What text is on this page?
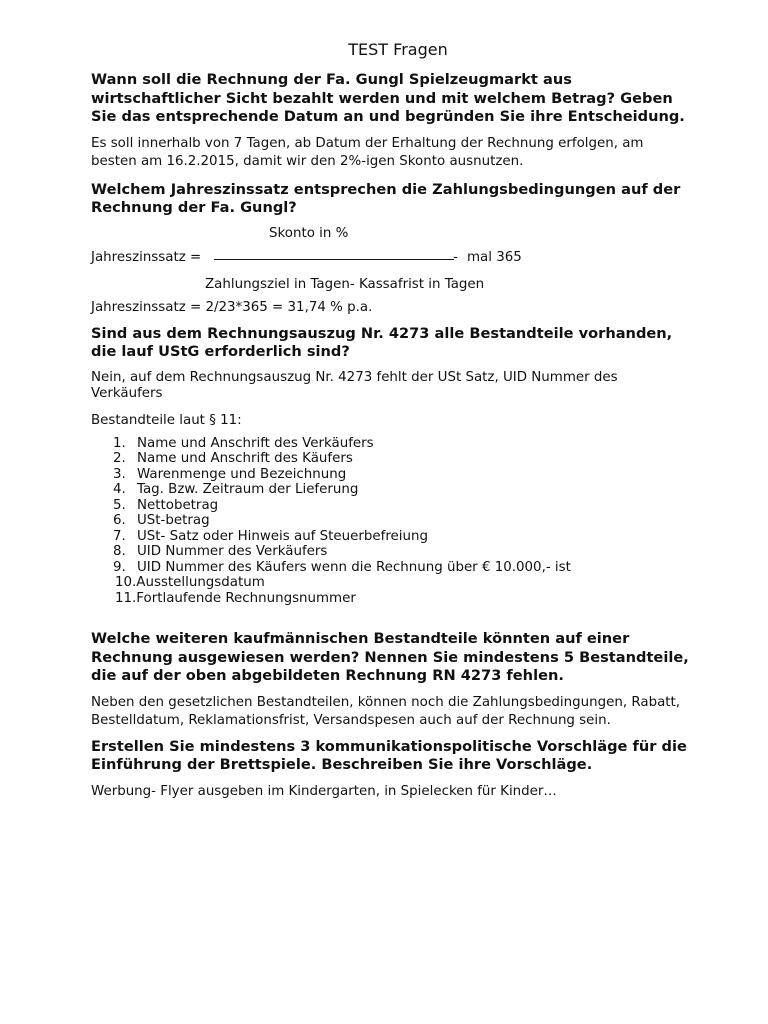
TEST Fragen

Wann soll die Rechnung der Fa. Gungl Spielzeugmarkt aus wirtschaftlicher Sicht bezahlt werden und mit welchem Betrag? Geben Sie das entsprechende Datum an und begründen Sie ihre Entscheidung.

Es soll innerhalb von 7 Tagen, ab Datum der Erhaltung der Rechnung erfolgen, am besten am 16.2.2015, damit wir den 2%-igen Skonto ausnutzen.

Welchem Jahreszinssatz entsprechen die Zahlungsbedingungen auf der Rechnung der Fa. Gungl?

Skonto in %
Jahreszinssatz =	- mal 365
Zahlungsziel in Tagen- Kassafrist in Tagen

Jahreszinssatz = 2/23*365 = 31,74 % p.a.

Sind aus dem Rechnungsauszug Nr. 4273 alle Bestandteile vorhanden, die lauf UStG erforderlich sind?

Nein, auf dem Rechnungsauszug Nr. 4273 fehlt der USt Satz, UID Nummer des Verkäufers

Bestandteile laut § 11:

1. Name und Anschrift des Verkäufers
2. Name und Anschrift des Käufers
3. Warenmenge und Bezeichnung
4. Tag. Bzw. Zeitraum der Lieferung
5. Nettobetrag
6. USt-betrag
7. USt- Satz oder Hinweis auf Steuerbefreiung
8. UID Nummer des Verkäufers
9. UID Nummer des Käufers wenn die Rechnung über € 10.000,- ist
10.Ausstellungsdatum
11.Fortlaufende Rechnungsnummer

Welche weiteren kaufmännischen Bestandteile könnten auf einer Rechnung ausgewiesen werden? Nennen Sie mindestens 5 Bestandteile, die auf der oben abgebildeten Rechnung RN 4273 fehlen.

Neben den gesetzlichen Bestandteilen, können noch die Zahlungsbedingungen, Rabatt, Bestelldatum, Reklamationsfrist, Versandspesen auch auf der Rechnung sein.

Erstellen Sie mindestens 3 kommunikationspolitische Vorschläge für die Einführung der Brettspiele. Beschreiben Sie ihre Vorschläge.

Werbung- Flyer ausgeben im Kindergarten, in Spielecken für Kinder…
